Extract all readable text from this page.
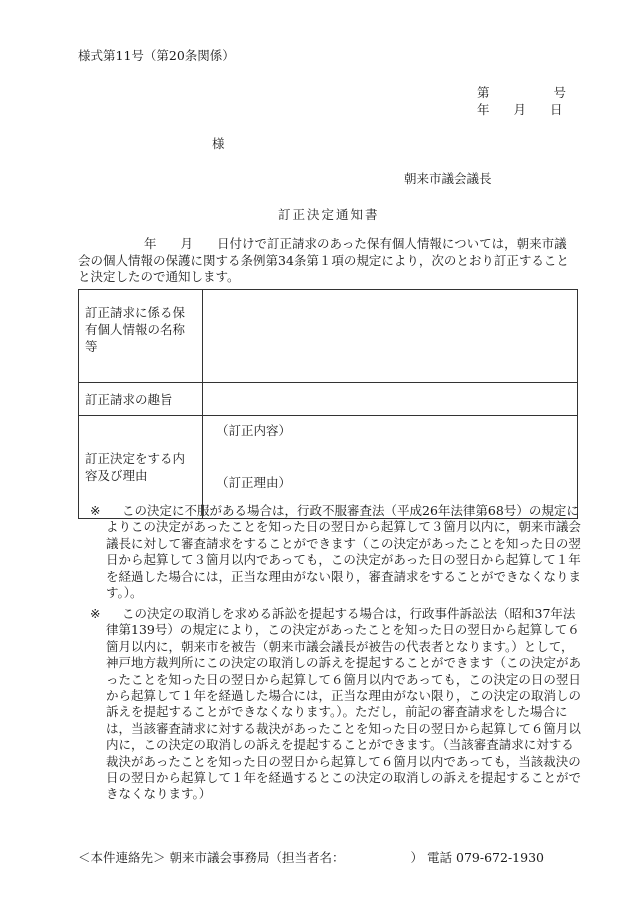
様式第11号（第20条関係）
第	号
年 月 日
様
朝来市議会議長
訂正決定通知書
年 月 日付けで訂正請求のあった保有個人情報については，朝来市議会の個人情報の保護に関する条例第34条第１項の規定により，次のとおり訂正することと決定したので通知します。
訂正請求に係る保有個人情報の名称等	
訂正請求の趣旨	
訂正決定をする内容及び理由	（訂正内容）
（訂正理由）
※	この決定に不服がある場合は，行政不服審査法（平成26年法律第68号）の規定によりこの決定があったことを知った日の翌日から起算して３箇月以内に，朝来市議会議長に対して審査請求をすることができます（この決定があったことを知った日の翌日から起算して３箇月以内であっても，この決定があった日の翌日から起算して１年を経過した場合には，正当な理由がない限り，審査請求をすることができなくなります。）。
※	この決定の取消しを求める訴訟を提起する場合は，行政事件訴訟法（昭和37年法律第139号）の規定により，この決定があったことを知った日の翌日から起算して６箇月以内に，朝来市を被告（朝来市議会議長が被告の代表者となります。）として，神戸地方裁判所にこの決定の取消しの訴えを提起することができます（この決定があったことを知った日の翌日から起算して６箇月以内であっても，この決定の日の翌日から起算して１年を経過した場合には，正当な理由がない限り，この決定の取消しの訴えを提起することができなくなります。）。ただし，前記の審査請求をした場合には，当該審査請求に対する裁決があったことを知った日の翌日から起算して６箇月以内に，この決定の取消しの訴えを提起することができます。（当該審査請求に対する裁決があったことを知った日の翌日から起算して６箇月以内であっても，当該裁決の日の翌日から起算して１年を経過するとこの決定の取消しの訴えを提起することができなくなります。）
＜本件連絡先＞ 朝来市議会事務局（担当者名：	） 電話 079-672-1930
